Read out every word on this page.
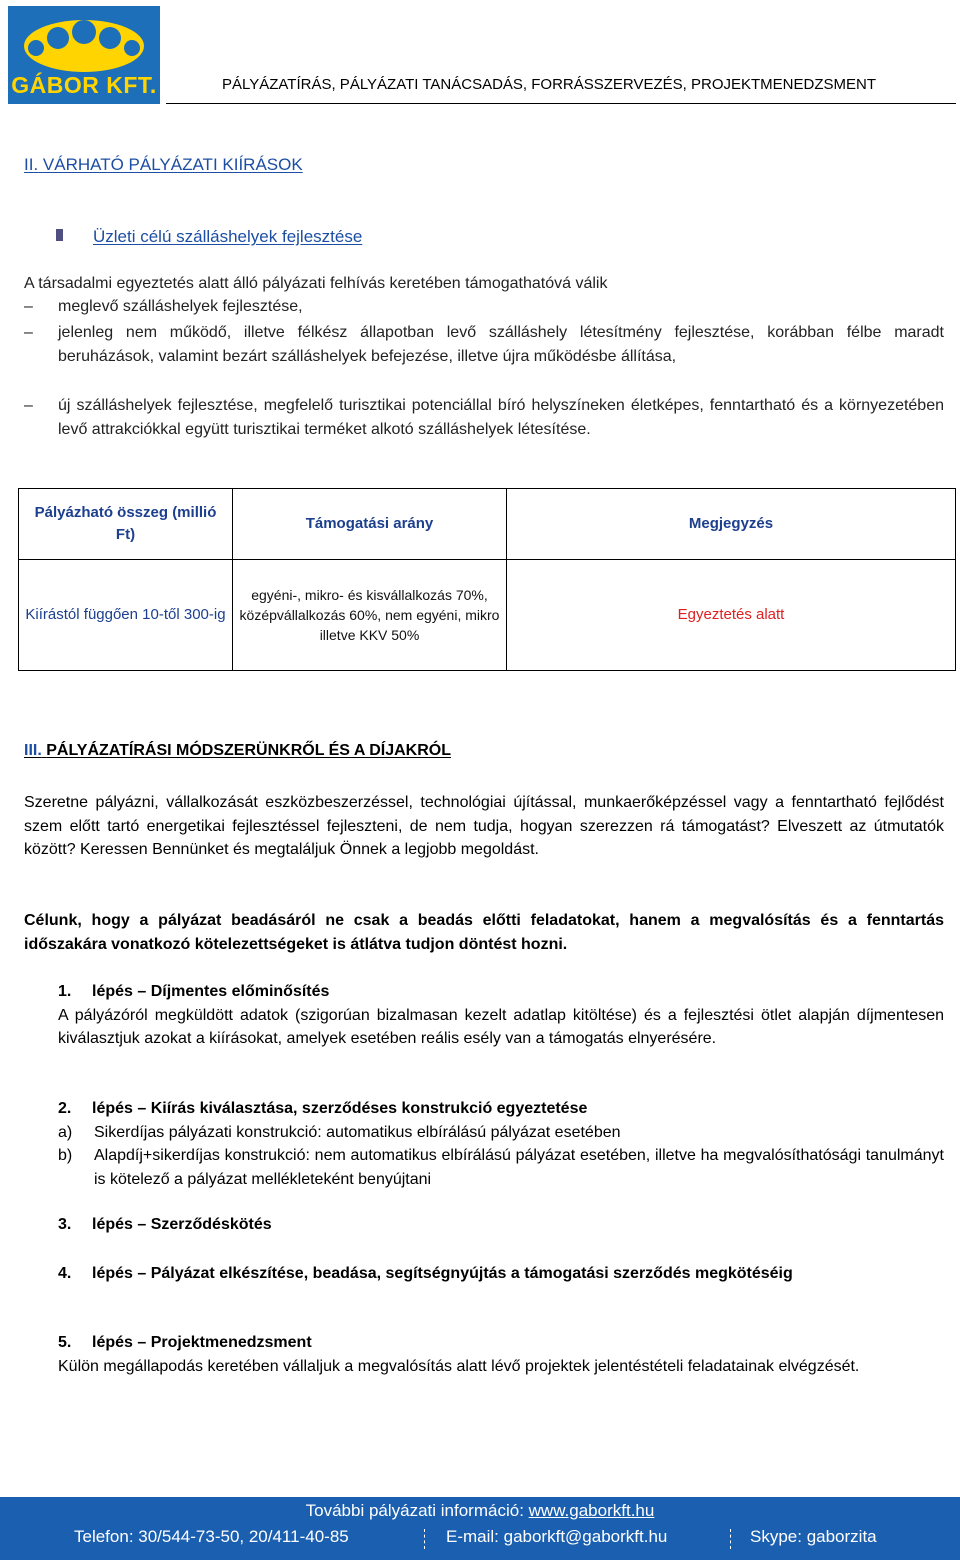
GÁBOR KFT.	PÁLYÁZATÍRÁS, PÁLYÁZATI TANÁCSADÁS, FORRÁSSZERVEZÉS, PROJEKTMENEDZSMENT
II. VÁRHATÓ PÁLYÁZATI KIÍRÁSOK
Üzleti célú szálláshelyek fejlesztése
A társadalmi egyeztetés alatt álló pályázati felhívás keretében támogathatóvá válik
–	meglevő szálláshelyek fejlesztése,
–	jelenleg nem működő, illetve félkész állapotban levő szálláshely létesítmény fejlesztése, korábban félbe maradt beruházások, valamint bezárt szálláshelyek befejezése, illetve újra működésbe állítása,
–	új szálláshelyek fejlesztése, megfelelő turisztikai potenciállal bíró helyszíneken életképes, fenntartható és a környezetében levő attrakciókkal együtt turisztikai terméket alkotó szálláshelyek létesítése.
Pályázható összeg (millió Ft)	Támogatási arány	Megjegyzés
Kiírástól függően 10-től 300-ig	egyéni-, mikro- és kisvállalkozás 70%, középvállalkozás 60%, nem egyéni, mikro illetve KKV 50%	Egyeztetés alatt
III. PÁLYÁZATÍRÁSI MÓDSZERÜNKRŐL ÉS A DÍJAKRÓL
Szeretne pályázni, vállalkozását eszközbeszerzéssel, technológiai újítással, munkaerőképzéssel vagy a fenntartható fejlődést szem előtt tartó energetikai fejlesztéssel fejleszteni, de nem tudja, hogyan szerezzen rá támogatást? Elveszett az útmutatók között? Keressen Bennünket és megtaláljuk Önnek a legjobb megoldást.
Célunk, hogy a pályázat beadásáról ne csak a beadás előtti feladatokat, hanem a megvalósítás és a fenntartás időszakára vonatkozó kötelezettségeket is átlátva tudjon döntést hozni.
1. lépés – Díjmentes előminősítés
A pályázóról megküldött adatok (szigorúan bizalmasan kezelt adatlap kitöltése) és a fejlesztési ötlet alapján díjmentesen kiválasztjuk azokat a kiírásokat, amelyek esetében reális esély van a támogatás elnyerésére.
2. lépés – Kiírás kiválasztása, szerződéses konstrukció egyeztetése
a) Sikerdíjas pályázati konstrukció: automatikus elbírálású pályázat esetében
b) Alapdíj+sikerdíjas konstrukció: nem automatikus elbírálású pályázat esetében, illetve ha megvalósíthatósági tanulmányt is kötelező a pályázat mellékleteként benyújtani
3. lépés – Szerződéskötés
4. lépés – Pályázat elkészítése, beadása, segítségnyújtás a támogatási szerződés megkötéséig
5. lépés – Projektmenedzsment
Külön megállapodás keretében vállaljuk a megvalósítás alatt lévő projektek jelentéstételi feladatainak elvégzését.
További pályázati információ: www.gaborkft.hu
Telefon: 30/544-73-50, 20/411-40-85	E-mail: gaborkft@gaborkft.hu	Skype: gaborzita
